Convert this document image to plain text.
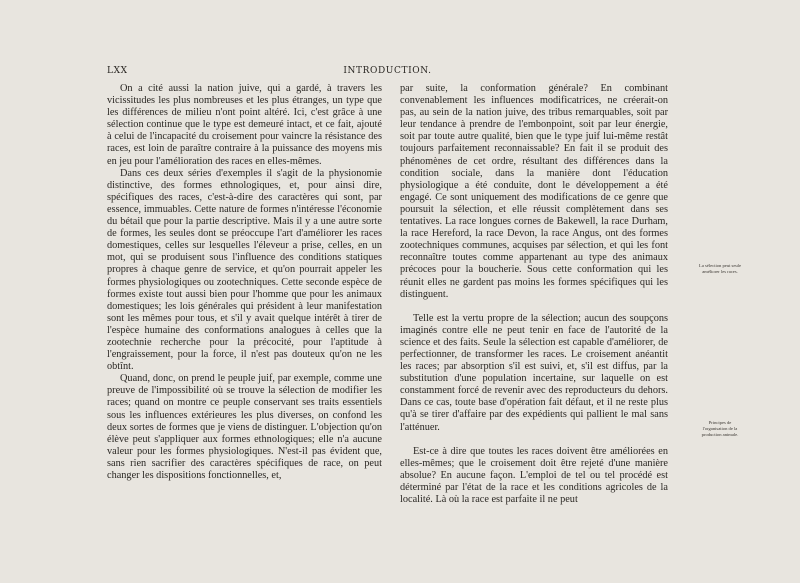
LXX	INTRODUCTION.

On a cité aussi la nation juive, qui a gardé, à travers les vicissitudes les plus nombreuses et les plus étranges, un type que les différences de milieu n'ont point altéré. Ici, c'est grâce à une sélection continue que le type est demeuré intact, et ce fait, ajouté à celui de l'incapacité du croisement pour vaincre la résistance des races, est loin de paraître contraire à la puissance des moyens mis en jeu pour l'amélioration des races en elles-mêmes.

Dans ces deux séries d'exemples il s'agit de la physionomie distinctive, des formes ethnologiques, et, pour ainsi dire, spécifiques des races, c'est-à-dire des caractères qui sont, par essence, immuables. Cette nature de formes n'intéresse l'économie du bétail que pour la partie descriptive. Mais il y a une autre sorte de formes, les seules dont se préoccupe l'art d'améliorer les races domestiques, celles sur lesquelles l'éleveur a prise, celles, en un mot, qui se produisent sous l'influence des conditions statiques propres à chaque genre de service, et qu'on pourrait appeler les formes physiologiques ou zootechniques. Cette seconde espèce de formes existe tout aussi bien pour l'homme que pour les animaux domestiques; les lois générales qui président à leur manifestation sont les mêmes pour tous, et s'il y avait quelque intérêt à tirer de l'espèce humaine des conformations analogues à celles que la zootechnie recherche pour la précocité, pour l'aptitude à l'engraissement, pour la force, il n'est pas douteux qu'on ne les obtînt.

Quand, donc, on prend le peuple juif, par exemple, comme une preuve de l'impossibilité où se trouve la sélection de modifier les races; quand on montre ce peuple conservant ses traits essentiels sous les influences extérieures les plus diverses, on confond les deux sortes de formes que je viens de distinguer. L'objection qu'on élève peut s'appliquer aux formes ethnologiques; elle n'a aucune valeur pour les formes physiologiques. N'est-il pas évident que, sans rien sacrifier des caractères spécifiques de race, on peut changer les dispositions fonctionnelles, et,

par suite, la conformation générale? En combinant convenablement les influences modificatrices, ne créerait-on pas, au sein de la nation juive, des tribus remarquables, soit par leur tendance à prendre de l'embonpoint, soit par leur énergie, soit par toute autre qualité, bien que le type juif lui-même restât toujours parfaitement reconnaissable? En fait il se produit des phénomènes de cet ordre, résultant des différences dans la condition sociale, dans la manière dont l'éducation physiologique a été conduite, dont le développement a été engagé. Ce sont uniquement des modifications de ce genre que poursuit la sélection, et elle réussit complètement dans ses tentatives. La race longues cornes de Bakewell, la race Durham, la race Hereford, la race Devon, la race Angus, ont des formes zootechniques communes, acquises par sélection, et qui les font reconnaître toutes comme appartenant au type des animaux précoces pour la boucherie. Sous cette conformation qui les réunit elles ne gardent pas moins les formes spécifiques qui les distinguent.

Telle est la vertu propre de la sélection; aucun des soupçons imaginés contre elle ne peut tenir en face de l'autorité de la science et des faits. Seule la sélection est capable d'améliorer, de perfectionner, de transformer les races. Le croisement anéantit les races; par absorption s'il est suivi, et, s'il est diffus, par la substitution d'une population incertaine, sur laquelle on est constamment forcé de revenir avec des reproducteurs du dehors. Dans ce cas, toute base d'opération fait défaut, et il ne reste plus qu'à se tirer d'affaire par des expédients qui pallient le mal sans l'atténuer.

Est-ce à dire que toutes les races doivent être améliorées en elles-mêmes; que le croisement doit être rejeté d'une manière absolue? En aucune façon. L'emploi de tel ou tel procédé est déterminé par l'état de la race et les conditions agricoles de la localité. Là où la race est parfaite il ne peut

La sélection peut seule améliorer les races.
Principes de l'organisation de la production animale.
